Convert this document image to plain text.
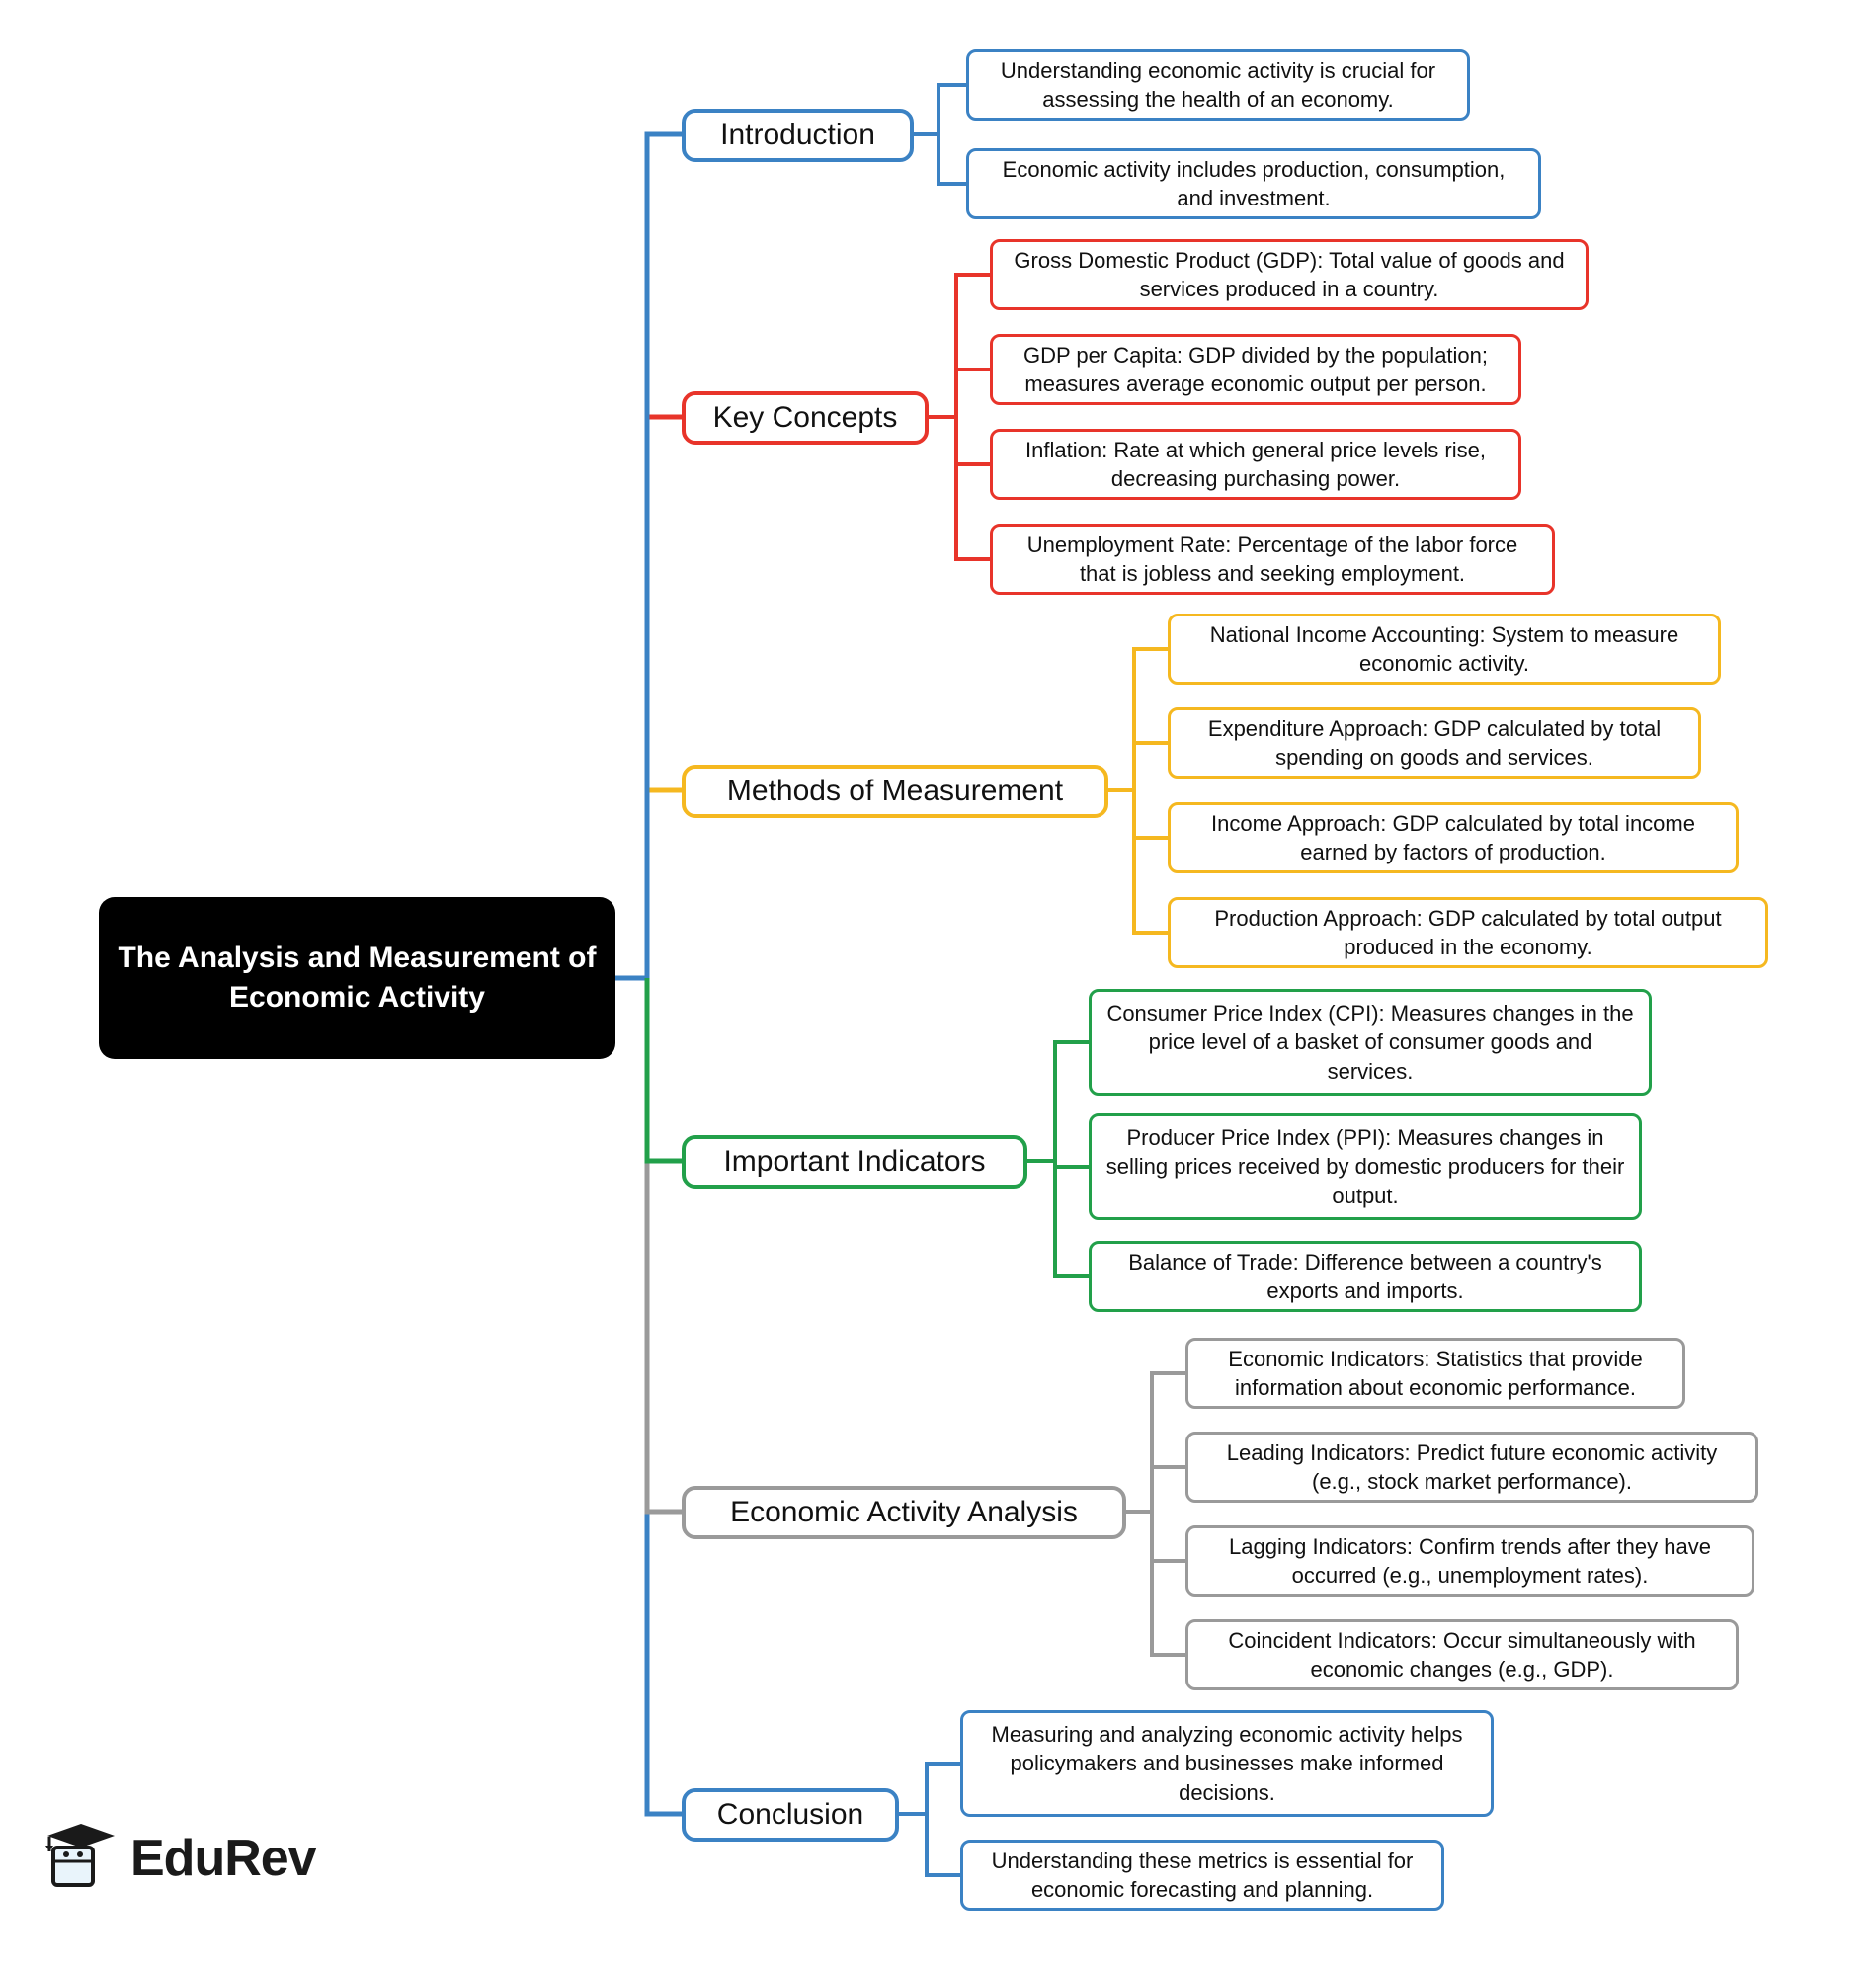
The Analysis and Measurement of Economic Activity
Introduction
Understanding economic activity is crucial for assessing the health of an economy.
Economic activity includes production, consumption, and investment.
Key Concepts
Gross Domestic Product (GDP): Total value of goods and services produced in a country.
GDP per Capita: GDP divided by the population; measures average economic output per person.
Inflation: Rate at which general price levels rise, decreasing purchasing power.
Unemployment Rate: Percentage of the labor force that is jobless and seeking employment.
Methods of Measurement
National Income Accounting: System to measure economic activity.
Expenditure Approach: GDP calculated by total spending on goods and services.
Income Approach: GDP calculated by total income earned by factors of production.
Production Approach: GDP calculated by total output produced in the economy.
Important Indicators
Consumer Price Index (CPI): Measures changes in the price level of a basket of consumer goods and services.
Producer Price Index (PPI): Measures changes in selling prices received by domestic producers for their output.
Balance of Trade: Difference between a country's exports and imports.
Economic Activity Analysis
Economic Indicators: Statistics that provide information about economic performance.
Leading Indicators: Predict future economic activity (e.g., stock market performance).
Lagging Indicators: Confirm trends after they have occurred (e.g., unemployment rates).
Coincident Indicators: Occur simultaneously with economic changes (e.g., GDP).
Conclusion
Measuring and analyzing economic activity helps policymakers and businesses make informed decisions.
Understanding these metrics is essential for economic forecasting and planning.
EduRev
